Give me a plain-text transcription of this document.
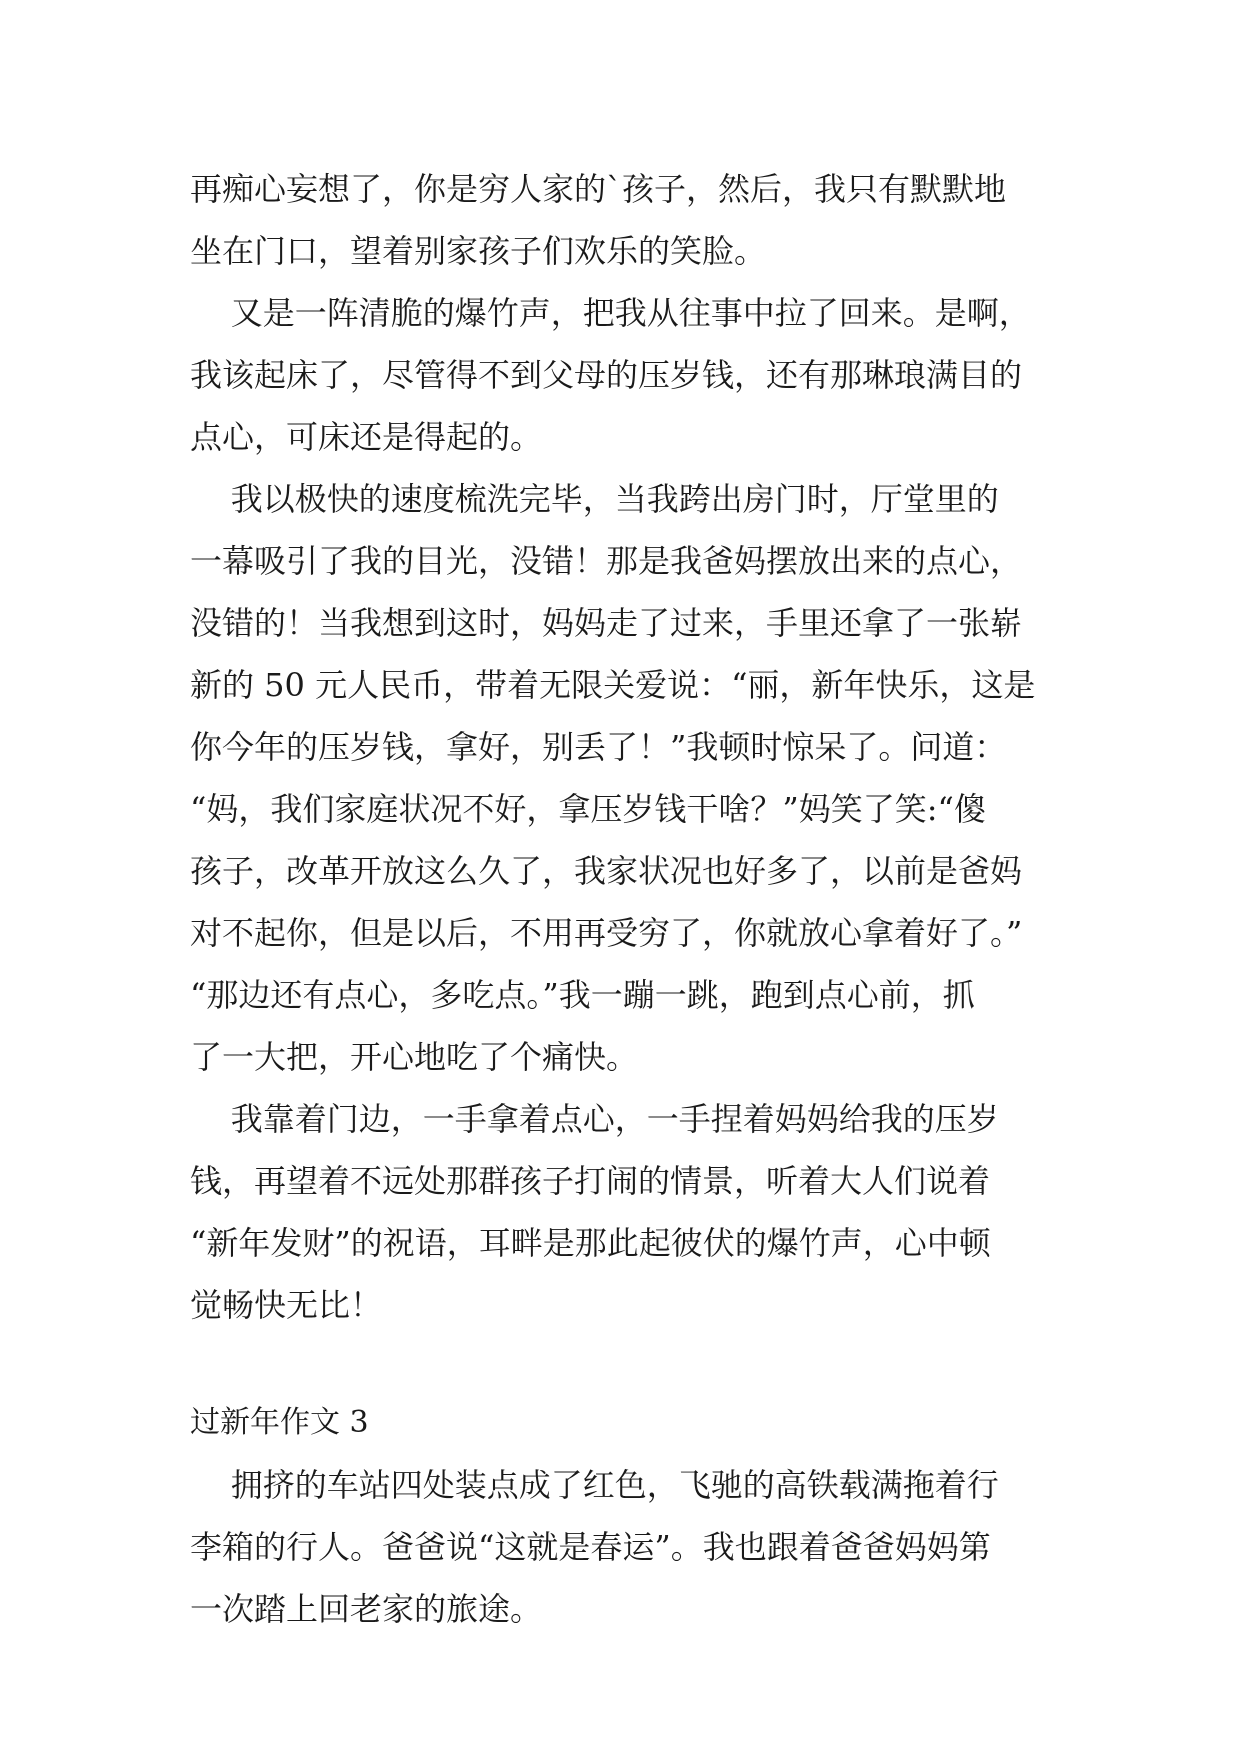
再痴心妄想了，你是穷人家的`孩子，然后，我只有默默地
坐在门口，望着别家孩子们欢乐的笑脸。
又是一阵清脆的爆竹声，把我从往事中拉了回来。是啊，
我该起床了，尽管得不到父母的压岁钱，还有那琳琅满目的
点心，可床还是得起的。
我以极快的速度梳洗完毕，当我跨出房门时，厅堂里的
一幕吸引了我的目光，没错！那是我爸妈摆放出来的点心，
没错的！当我想到这时，妈妈走了过来，手里还拿了一张崭
新的 50 元人民币，带着无限关爱说：“丽，新年快乐，这是
你今年的压岁钱，拿好，别丢了！”我顿时惊呆了。问道：
“妈，我们家庭状况不好，拿压岁钱干啥？”妈笑了笑:“傻
孩子，改革开放这么久了，我家状况也好多了，以前是爸妈
对不起你，但是以后，不用再受穷了，你就放心拿着好了。”
“那边还有点心，多吃点。”我一蹦一跳，跑到点心前，抓
了一大把，开心地吃了个痛快。
我靠着门边，一手拿着点心，一手捏着妈妈给我的压岁
钱，再望着不远处那群孩子打闹的情景，听着大人们说着
“新年发财”的祝语，耳畔是那此起彼伏的爆竹声，心中顿
觉畅快无比！
过新年作文 3
拥挤的车站四处装点成了红色，飞驰的高铁载满拖着行
李箱的行人。爸爸说“这就是春运”。我也跟着爸爸妈妈第
一次踏上回老家的旅途。
